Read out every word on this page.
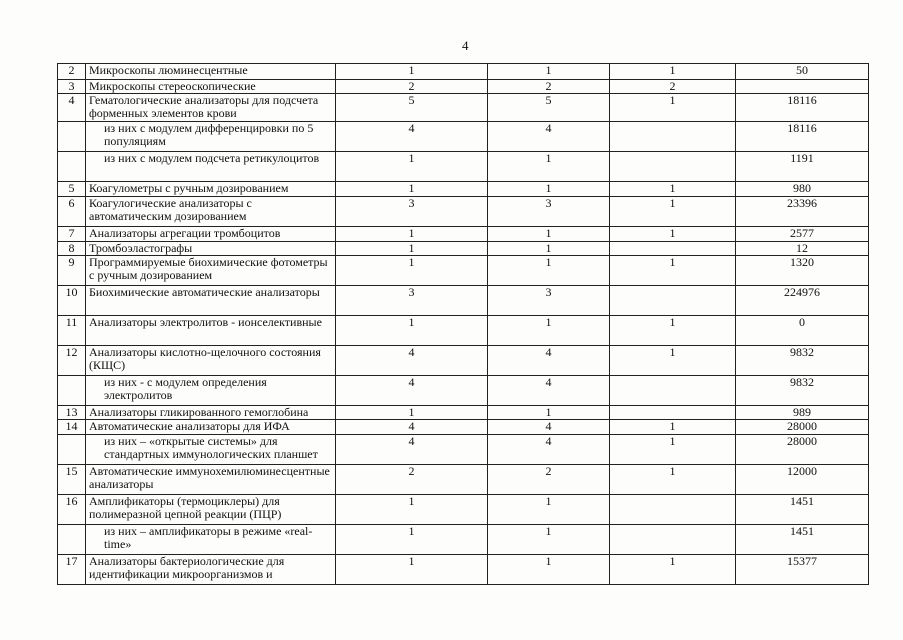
4
2	Микроскопы люминесцентные	1	1	1	50
3	Микроскопы стереоскопические	2	2	2	
4	Гематологические анализаторы для подсчета форменных элементов крови	5	5	1	18116
	из них с модулем дифференцировки по 5 популяциям	4	4		18116
	из них с модулем подсчета ретикулоцитов	1	1		1191
5	Коагулометры с ручным дозированием	1	1	1	980
6	Коагулогические анализаторы с автоматическим дозированием	3	3	1	23396
7	Анализаторы агрегации тромбоцитов	1	1	1	2577
8	Тромбоэластографы	1	1		12
9	Программируемые биохимические фотометры с ручным дозированием	1	1	1	1320
10	Биохимические автоматические анализаторы	3	3		224976
11	Анализаторы электролитов - ионселективные	1	1	1	0
12	Анализаторы кислотно-щелочного состояния (КЩС)	4	4	1	9832
	из них - с модулем определения электролитов	4	4		9832
13	Анализаторы гликированного гемоглобина	1	1		989
14	Автоматические анализаторы для ИФА	4	4	1	28000
	из них – «открытые системы» для стандартных иммунологических планшет	4	4	1	28000
15	Автоматические иммунохемилюминесцентные анализаторы	2	2	1	12000
16	Амплификаторы (термоциклеры) для полимеразной цепной реакции (ПЦР)	1	1		1451
	из них – амплификаторы в режиме «real-time»	1	1		1451
17	Анализаторы бактериологические для идентификации микроорганизмов и	1	1	1	15377
